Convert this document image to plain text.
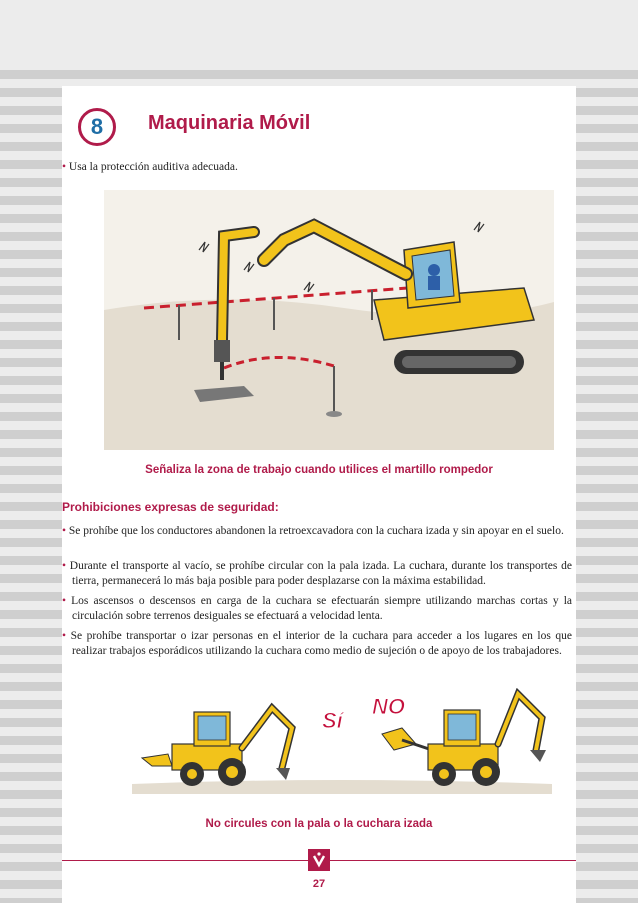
8	Maquinaria Móvil
• Usa la protección auditiva adecuada.
Señaliza la zona de trabajo cuando utilices el martillo rompedor
Prohibiciones expresas de seguridad:
• Se prohíbe que los conductores abandonen la retroexcavadora con la cuchara izada y sin apoyar en el suelo.
• Durante el transporte al vacío, se prohíbe circular con la pala izada. La cuchara, durante los transportes de tierra, permanecerá lo más baja posible para poder desplazarse con la máxima estabilidad.
• Los ascensos o descensos en carga de la cuchara se efectuarán siempre utilizando marchas cortas y la circulación sobre terrenos desiguales se efectuará a velocidad lenta.
• Se prohíbe transportar o izar personas en el interior de la cuchara para acceder a los lugares en los que realizar trabajos esporádicos utilizando la cuchara como medio de sujeción o de apoyo de los trabajadores.
Sí
NO
No circules con la pala o la cuchara izada
27
